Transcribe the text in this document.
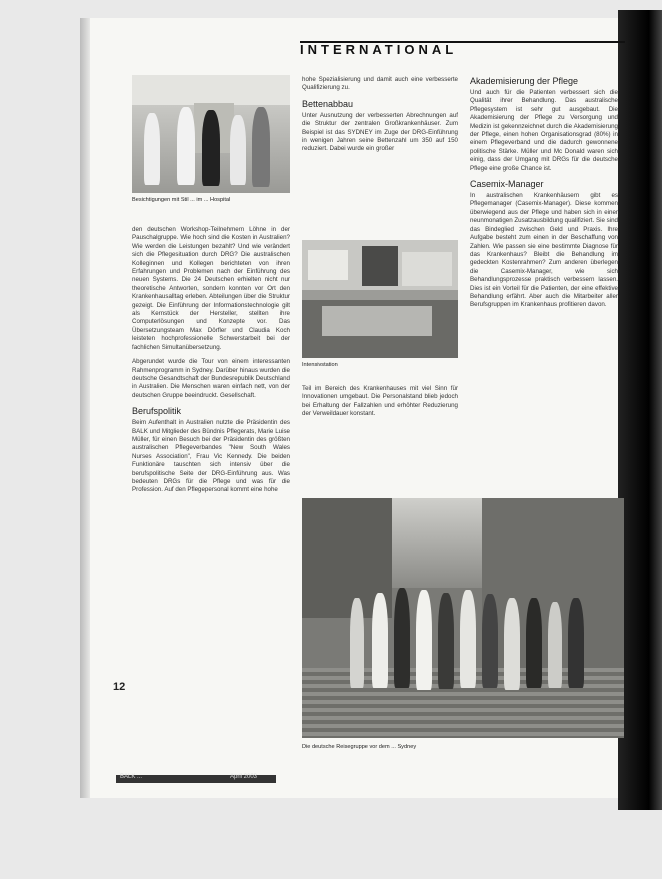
INTERNATIONAL
Besichtigungen mit Stil ... im ... Hospital

den deutschen Workshop-Teilnehmern Löhne in der Pauschalgruppe. Wie hoch sind die Kosten in Australien? Wie werden die Leistungen bezahlt? Und wie verändert sich die Pflegesituation durch DRG? Die australischen Kolleginnen und Kollegen berichteten von ihren Erfahrungen und Problemen nach der Einführung des neuen Systems. Die 24 Deutschen erhielten nicht nur theoretische Antworten, sondern konnten vor Ort den Krankenhausalltag erleben. Abteilungen über die Struktur gezeigt. Die Einführung der Informationstechnologie gilt als Kernstück der Hersteller, stellten ihre Computerlösungen und Konzepte vor. Das Übersetzungsteam Max Dörfler und Claudia Koch leisteten hochprofessionelle Schwerstarbeit bei der fachlichen Simultanübersetzung.

Abgerundet wurde die Tour von einem interessanten Rahmenprogramm in Sydney. Darüber hinaus wurden die deutsche Gesandtschaft der Bundesrepublik Deutschland in Australien. Die Menschen waren einfach nett, von der deutschen Gruppe beeindruckt. Gesellschaft.

Berufspolitik

Beim Aufenthalt in Australien nutzte die Präsidentin des BALK und Mitglieder des Bündnis Pflegerats, Marie Luise Müller, für einen Besuch bei der Präsidentin des größten australischen Pflegeverbandes "New South Wales Nurses Association", Frau Vic Kennedy. Die beiden Funktionäre tauschten sich intensiv über die berufspolitische Seite der DRG-Einführung aus. Was bedeuten DRGs für die Pflege und was für die Profession. Auf den Pflegepersonal kommt eine hohe

hohe Spezialisierung und damit auch eine verbesserte Qualifizierung zu.

Bettenabbau

Unter Ausnutzung der verbesserten Abrechnungen auf die Struktur der zentralen Großkrankenhäuser. Zum Beispiel ist das SYDNEY im Zuge der DRG-Einführung in wenigen Jahren seine Bettenzahl um 350 auf 150 reduziert. Dabei wurde ein großer

Intensivstation

Teil im Bereich des Krankenhauses mit viel Sinn für Innovationen umgebaut. Die Personalstand blieb jedoch bei Erhaltung der Fallzahlen und erhöhter Reduzierung der Verweildauer konstant.

Akademisierung der Pflege

Und auch für die Patienten verbessert sich die Qualität ihrer Behandlung. Das australische Pflegesystem ist sehr gut ausgebaut. Die Akademisierung der Pflege zu Versorgung und Medizin ist gekennzeichnet durch die Akademisierung der Pflege, einen hohen Organisationsgrad (80%) in einem Pflegeverband und die dadurch gewonnene politische Stärke. Müller und Mc Donald waren sich einig, dass der Umgang mit DRGs für die deutsche Pflege eine große Chance ist.

Casemix-Manager

In australischen Krankenhäusern gibt es Pflegemanager (Casemix-Manager). Diese kommen überwiegend aus der Pflege und haben sich in einer neunmonatigen Zusatzausbildung qualifiziert. Sie sind das Bindeglied zwischen Geld und Praxis. Ihre Aufgabe besteht zum einen in der Beschaffung von Zahlen. Wie passen sie eine bestimmte Diagnose für das Krankenhaus? Bleibt die Behandlung im gedeckten Kostenrahmen? Zum anderen überlegen die Casemix-Manager, wie sich Behandlungsprozesse praktisch verbessern lassen. Dies ist ein Vorteil für die Patienten, der eine effektive Behandlung erfährt. Aber auch die Mitarbeiter aller Berufsgruppen im Krankenhaus profitieren davon.

Die deutsche Reisegruppe vor dem ... Sydney
12
BALK ...	April 2003
